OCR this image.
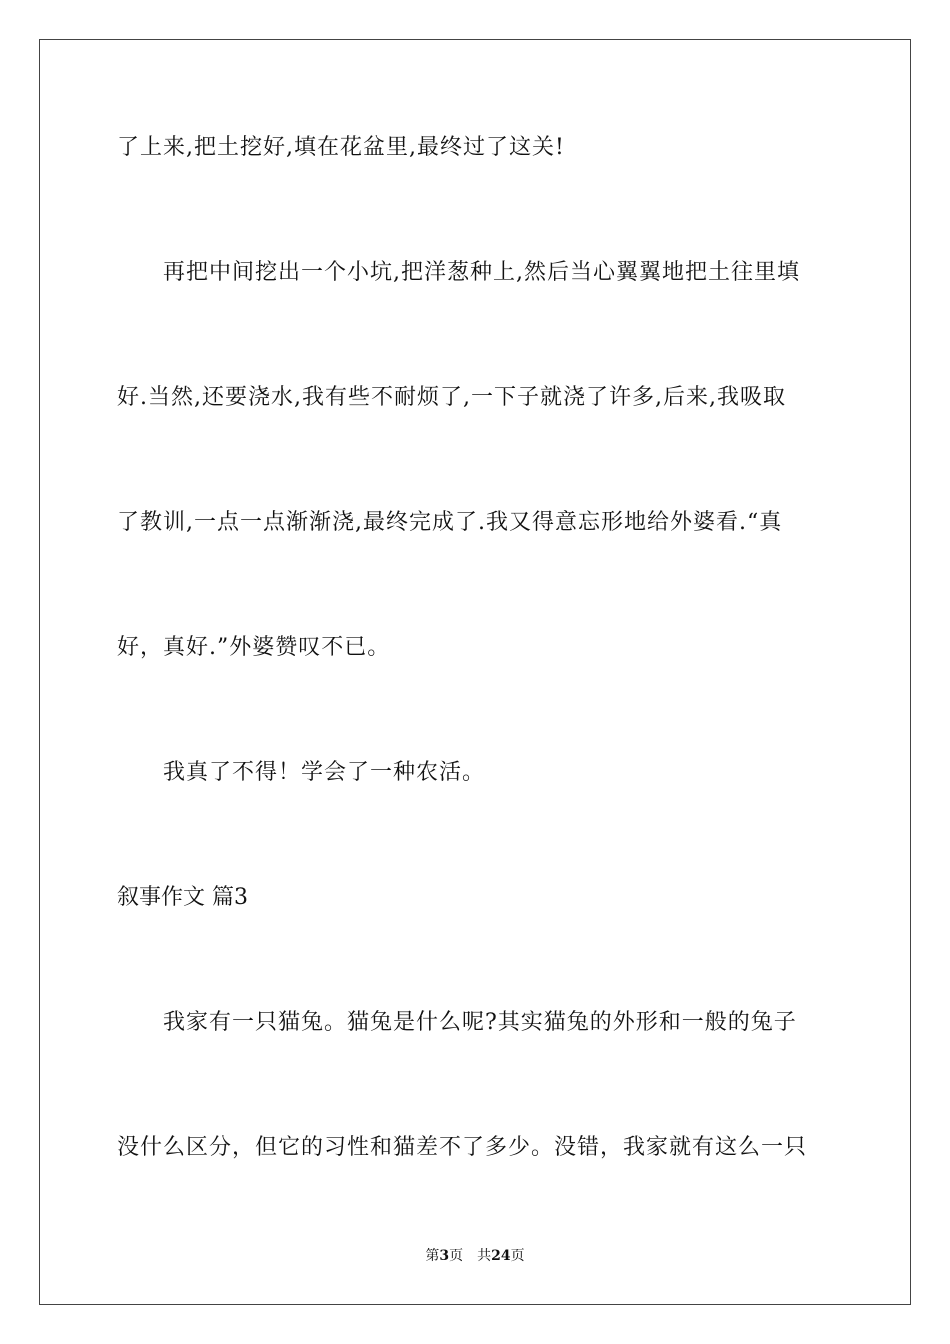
了上来,把土挖好,填在花盆里,最终过了这关!
再把中间挖出一个小坑,把洋葱种上,然后当心翼翼地把土往里填
好.当然,还要浇水,我有些不耐烦了,一下子就浇了许多,后来,我吸取
了教训,一点一点渐渐浇,最终完成了.我又得意忘形地给外婆看.“真
好，真好.”外婆赞叹不已。
我真了不得！学会了一种农活。
叙事作文 篇3
我家有一只猫兔。猫兔是什么呢?其实猫兔的外形和一般的兔子
没什么区分，但它的习性和猫差不了多少。没错，我家就有这么一只
第3页 共24页
